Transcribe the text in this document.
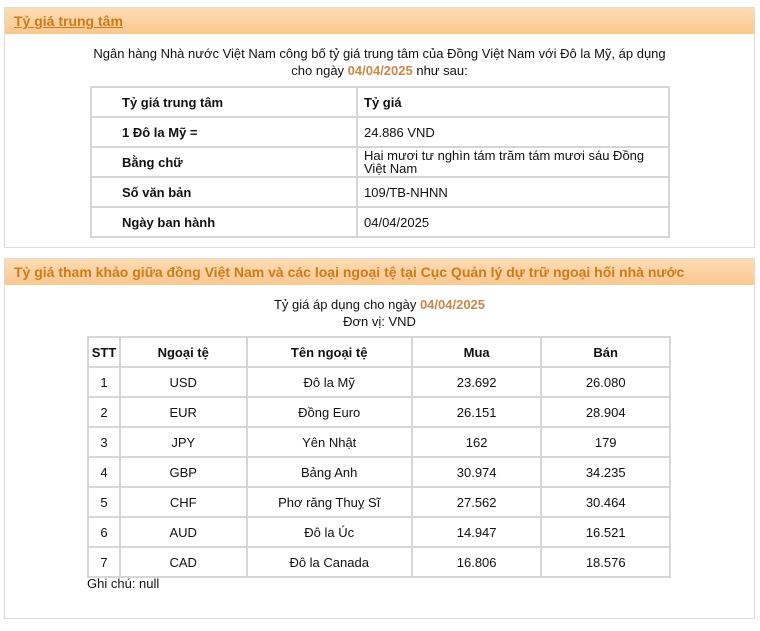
Tỷ giá trung tâm
Ngân hàng Nhà nước Việt Nam công bố tỷ giá trung tâm của Đồng Việt Nam với Đô la Mỹ, áp dụng
cho ngày 04/04/2025 như sau:
Tỷ giá trung tâm	Tỷ giá
1 Đô la Mỹ =	24.886 VND
Bằng chữ	Hai mươi tư nghìn tám trăm tám mươi sáu Đồng Việt Nam
Số văn bản	109/TB-NHNN
Ngày ban hành	04/04/2025
Tỷ giá tham khảo giữa đồng Việt Nam và các loại ngoại tệ tại Cục Quản lý dự trữ ngoại hối nhà nước
Tỷ giá áp dụng cho ngày 04/04/2025
Đơn vị: VND
STT	Ngoại tệ	Tên ngoại tệ	Mua	Bán
1	USD	Đô la Mỹ	23.692	26.080
2	EUR	Đồng Euro	26.151	28.904
3	JPY	Yên Nhật	162	179
4	GBP	Bảng Anh	30.974	34.235
5	CHF	Phơ răng Thuỵ Sĩ	27.562	30.464
6	AUD	Đô la Úc	14.947	16.521
7	CAD	Đô la Canada	16.806	18.576
Ghi chú: null
